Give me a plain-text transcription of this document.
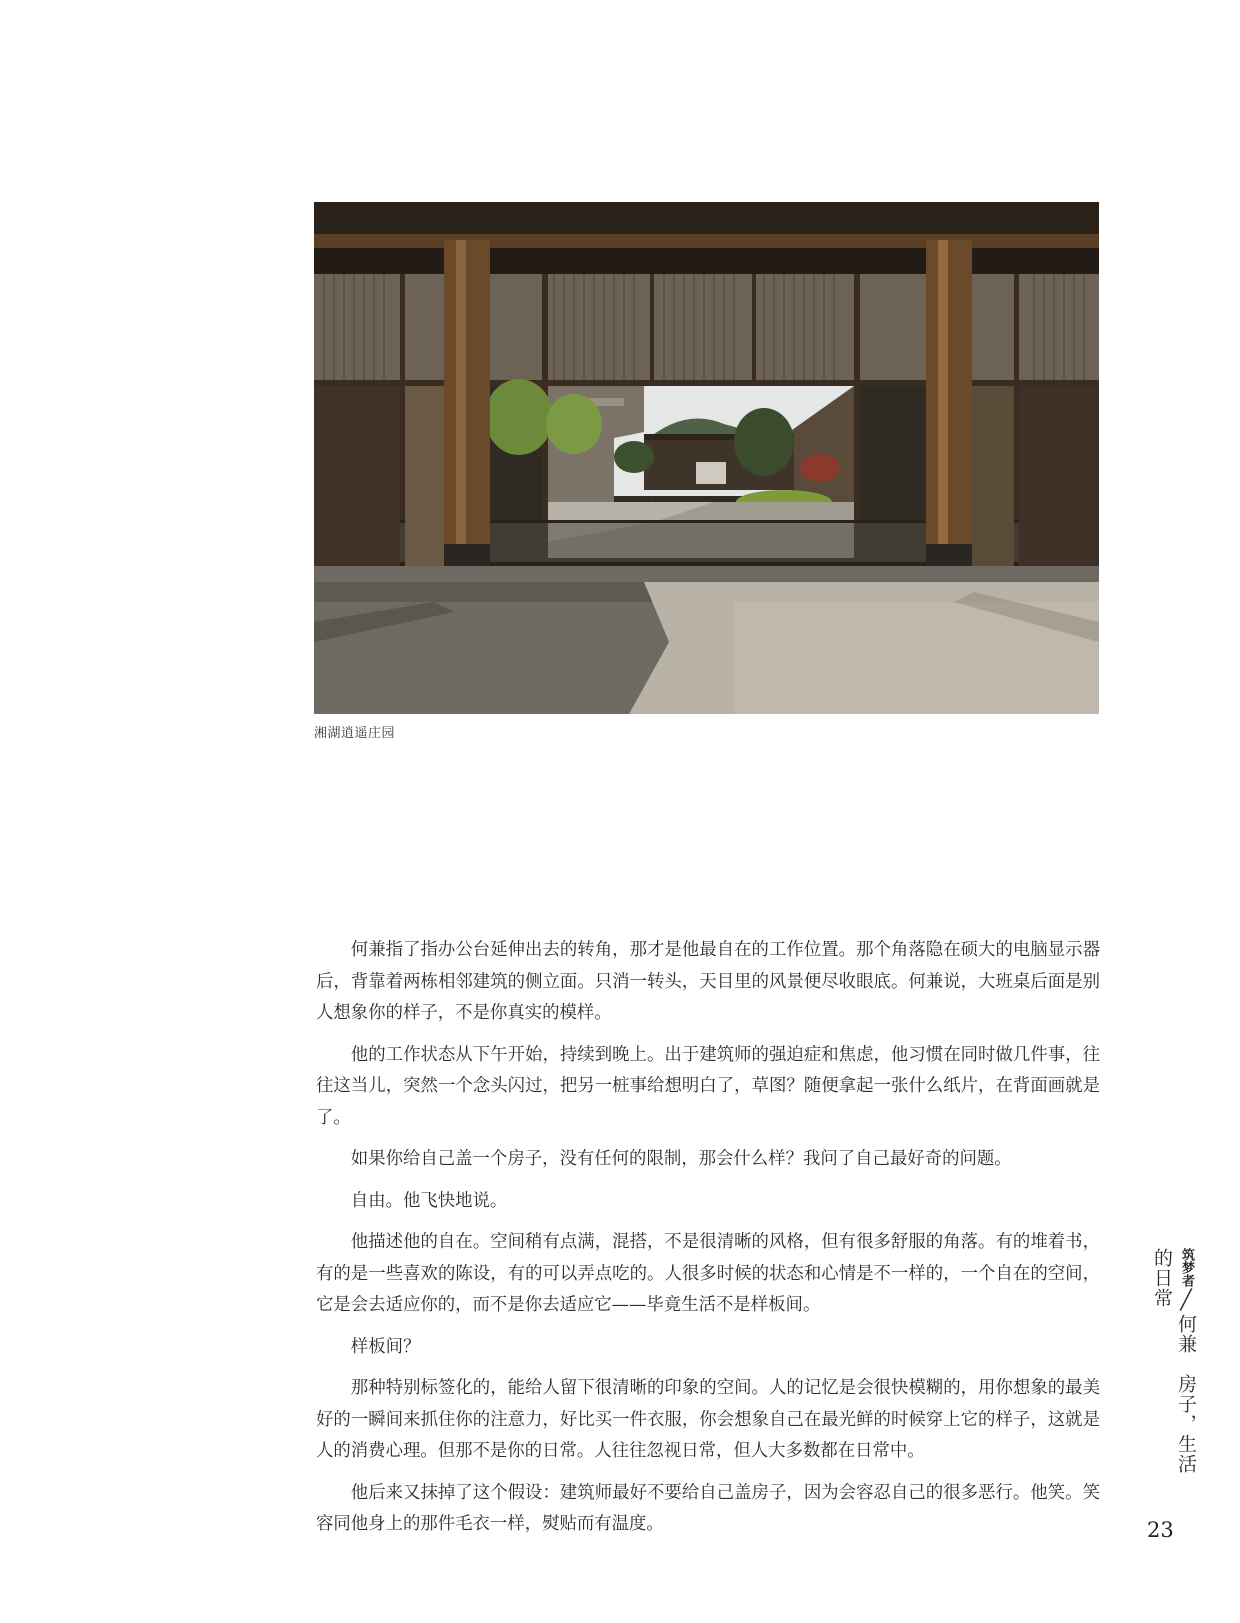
湘湖逍遥庄园

何兼指了指办公台延伸出去的转角，那才是他最自在的工作位置。那个角落隐在硕大的电脑显示器后，背靠着两栋相邻建筑的侧立面。只消一转头，天目里的风景便尽收眼底。何兼说，大班桌后面是别人想象你的样子，不是你真实的模样。

他的工作状态从下午开始，持续到晚上。出于建筑师的强迫症和焦虑，他习惯在同时做几件事，往往这当儿，突然一个念头闪过，把另一桩事给想明白了，草图？随便拿起一张什么纸片，在背面画就是了。

如果你给自己盖一个房子，没有任何的限制，那会什么样？我问了自己最好奇的问题。

自由。他飞快地说。

他描述他的自在。空间稍有点满，混搭，不是很清晰的风格，但有很多舒服的角落。有的堆着书，有的是一些喜欢的陈设，有的可以弄点吃的。人很多时候的状态和心情是不一样的，一个自在的空间，它是会去适应你的，而不是你去适应它——毕竟生活不是样板间。

样板间？

那种特别标签化的，能给人留下很清晰的印象的空间。人的记忆是会很快模糊的，用你想象的最美好的一瞬间来抓住你的注意力，好比买一件衣服，你会想象自己在最光鲜的时候穿上它的样子，这就是人的消费心理。但那不是你的日常。人往往忽视日常，但人大多数都在日常中。

他后来又抹掉了这个假设：建筑师最好不要给自己盖房子，因为会容忍自己的很多恶行。他笑。笑容同他身上的那件毛衣一样，熨贴而有温度。

筑梦者╱何兼　房子，生活的日常
23
